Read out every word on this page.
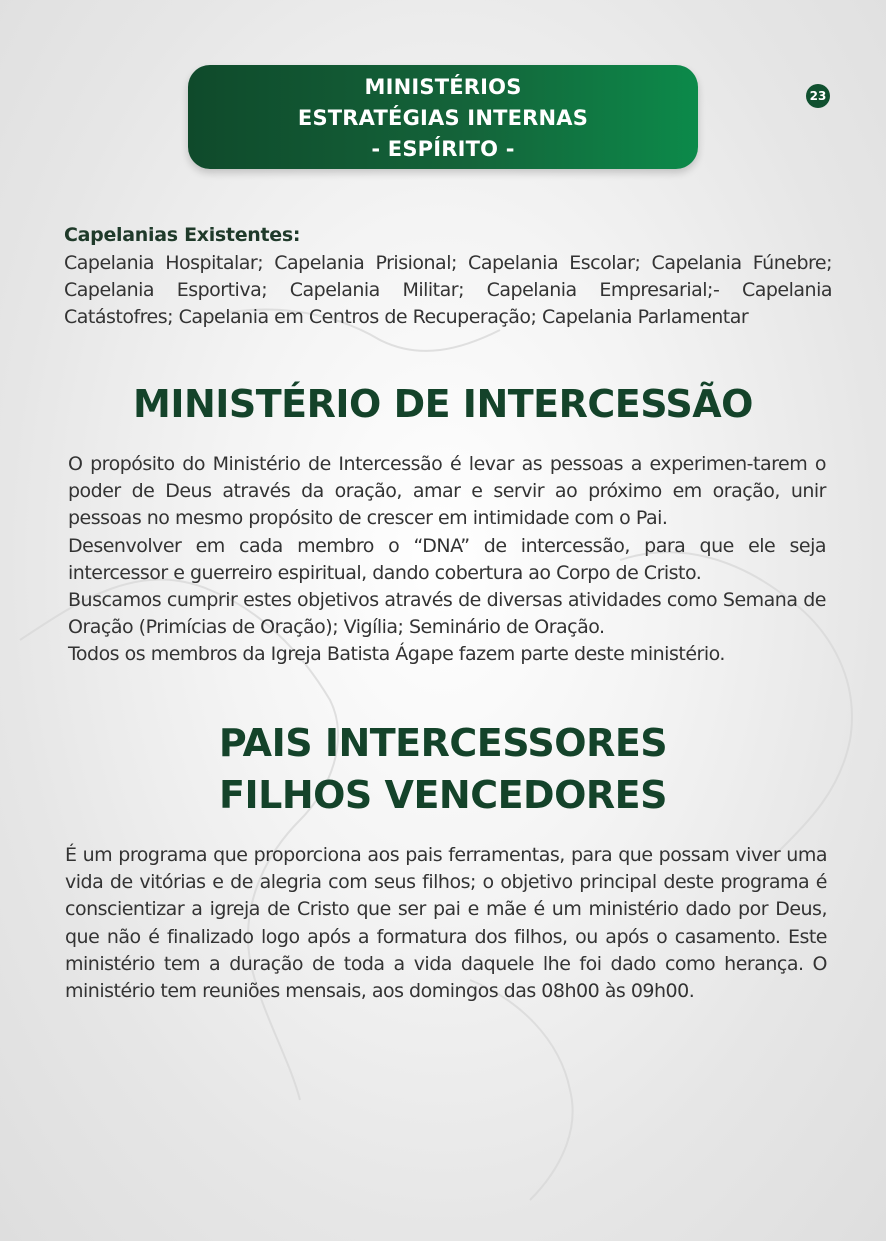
MINISTÉRIOS
ESTRATÉGIAS INTERNAS
- ESPÍRITO -
23
Capelanias Existentes:
Capelania Hospitalar; Capelania Prisional; Capelania Escolar; Capelania Fúnebre; Capelania Esportiva; Capelania Militar; Capelania Empresarial;- Capelania Catástofres; Capelania em Centros de Recuperação; Capelania Parlamentar
MINISTÉRIO DE INTERCESSÃO
O propósito do Ministério de Intercessão é levar as pessoas a experimen-tarem o poder de Deus através da oração, amar e servir ao próximo em oração, unir pessoas no mesmo propósito de crescer em intimidade com o Pai.
Desenvolver em cada membro o “DNA” de intercessão, para que ele seja intercessor e guerreiro espiritual, dando cobertura ao Corpo de Cristo.
Buscamos cumprir estes objetivos através de diversas atividades como Semana de Oração (Primícias de Oração); Vigília; Seminário de Oração.
Todos os membros da Igreja Batista Ágape fazem parte deste ministério.
PAIS INTERCESSORES
FILHOS VENCEDORES
É um programa que proporciona aos pais ferramentas, para que possam viver uma vida de vitórias e de alegria com seus filhos; o objetivo principal deste programa é conscientizar a igreja de Cristo que ser pai e mãe é um ministério dado por Deus, que não é finalizado logo após a formatura dos filhos, ou após o casamento. Este ministério tem a duração de toda a vida daquele lhe foi dado como herança. O ministério tem reuniões mensais, aos domingos das 08h00 às 09h00.
